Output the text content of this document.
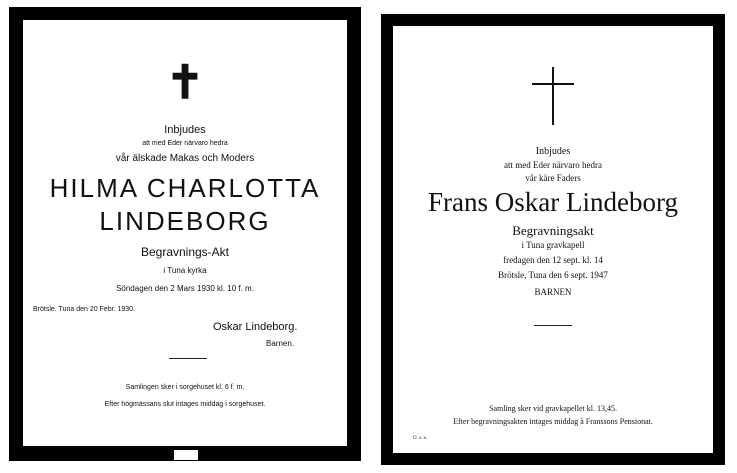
✝
Inbjudes
att med Eder närvaro hedra
vår älskade Makas och Moders
HILMA CHARLOTTA
LINDEBORG
Begravnings-Akt
i Tuna kyrka
Söndagen den 2 Mars 1930 kl. 10 f. m.
Brötsle. Tuna den 20 Febr. 1930.
Oskar Lindeborg.
Barnen.
Samlingen sker i sorgehuset kl. 6 f. m.
Efter högmässans slut intages middag i sorgehuset.
Inbjudes
att med Eder närvaro hedra
vår käre Faders
Frans Oskar Lindeborg
Begravningsakt
i Tuna gravkapell
fredagen den 12 sept. kl. 14
Brötsle, Tuna den 6 sept. 1947
BARNEN
Samling sker vid gravkapellet kl. 13,45.
Efter begravningsakten intages middag å Franssons Pensionat.
O. s. a.
